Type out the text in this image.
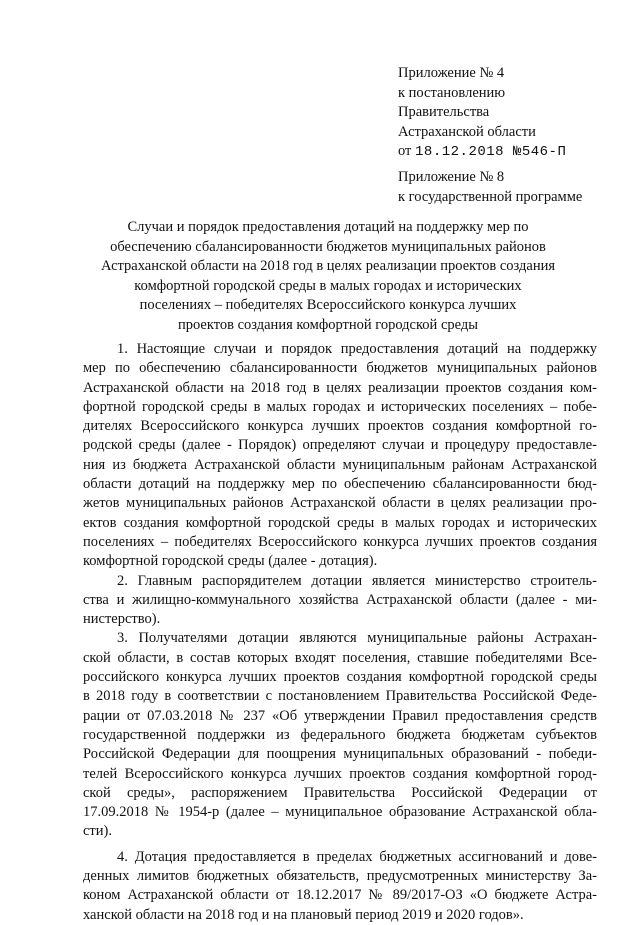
Приложение № 4
к постановлению
Правительства
Астраханской области
от 18.12.2018 №546-П
Приложение № 8
к государственной программе
Случаи и порядок предоставления дотаций на поддержку мер по
обеспечению сбалансированности бюджетов муниципальных районов
Астраханской области на 2018 год в целях реализации проектов создания
комфортной городской среды в малых городах и исторических
поселениях – победителях Всероссийского конкурса лучших
проектов создания комфортной городской среды
1. Настоящие случаи и порядок предоставления дотаций на поддержку
мер по обеспечению сбалансированности бюджетов муниципальных районов
Астраханской области на 2018 год в целях реализации проектов создания ком-
фортной городской среды в малых городах и исторических поселениях – побе-
дителях Всероссийского конкурса лучших проектов создания комфортной го-
родской среды (далее - Порядок) определяют случаи и процедуру предоставле-
ния из бюджета Астраханской области муниципальным районам Астраханской
области дотаций на поддержку мер по обеспечению сбалансированности бюд-
жетов муниципальных районов Астраханской области в целях реализации про-
ектов создания комфортной городской среды в малых городах и исторических
поселениях – победителях Всероссийского конкурса лучших проектов создания
комфортной городской среды (далее - дотация).
2. Главным распорядителем дотации является министерство строитель-
ства и жилищно-коммунального хозяйства Астраханской области (далее - ми-
нистерство).
3. Получателями дотации являются муниципальные районы Астрахан-
ской области, в состав которых входят поселения, ставшие победителями Все-
российского конкурса лучших проектов создания комфортной городской среды
в 2018 году в соответствии с постановлением Правительства Российской Феде-
рации от 07.03.2018 № 237 «Об утверждении Правил предоставления средств
государственной поддержки из федерального бюджета бюджетам субъектов
Российской Федерации для поощрения муниципальных образований - победи-
телей Всероссийского конкурса лучших проектов создания комфортной город-
ской среды», распоряжением Правительства Российской Федерации от
17.09.2018 № 1954-р (далее – муниципальное образование Астраханской обла-
сти).
4. Дотация предоставляется в пределах бюджетных ассигнований и дове-
денных лимитов бюджетных обязательств, предусмотренных министерству За-
коном Астраханской области от 18.12.2017 № 89/2017-ОЗ «О бюджете Астра-
ханской области на 2018 год и на плановый период 2019 и 2020 годов».
